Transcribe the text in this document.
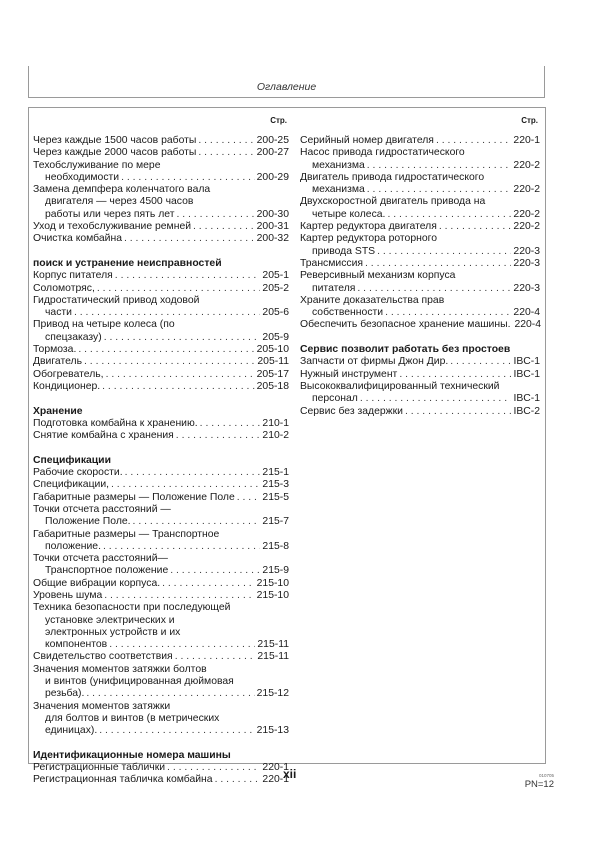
Оглавление
Стр.
Через каждые 1500 часов работы . . .	200-25
Через каждые 2000 часов работы . . .	200-27
Техобслуживание по мере
необходимости . . .	200-29
Замена демпфера коленчатого вала
двигателя — через 4500 часов
работы или через пять лет . . .	200-30
Уход и техобслуживание ремней . . .	200-31
Очистка комбайна . . .	200-32
поиск и устранение неисправностей
Корпус питателя . . .	205-1
Соломотряс, . . .	205-2
Гидростатический привод ходовой
части . . .	205-6
Привод на четыре колеса (по
спецзаказу) . . .	205-9
Тормоза. . . .	205-10
Двигатель . . .	205-11
Обогреватель, . . .	205-17
Кондиционер. . . .	205-18
Хранение
Подготовка комбайна к хранению. . . .	210-1
Снятие комбайна с хранения . . .	210-2
Спецификации
Рабочие скорости. . . .	215-1
Спецификации, . . .	215-3
Габаритные размеры — Положение Поле . . .	215-5
Точки отсчета расстояний —
Положение Поле. . . .	215-7
Габаритные размеры — Транспортное
положение. . . .	215-8
Точки отсчета расстояний—
Транспортное положение . . .	215-9
Общие вибрации корпуса. . . .	215-10
Уровень шума . . .	215-10
Техника безопасности при последующей
установке электрических и
электронных устройств и их
компонентов . . .	215-11
Свидетельство соответствия . . .	215-11
Значения моментов затяжки болтов
и винтов (унифицированная дюймовая
резьба). . . .	215-12
Значения моментов затяжки
для болтов и винтов (в метрических
единицах). . . .	215-13
Идентификационные номера машины
Регистрационные таблички . . .	220-1
Регистрационная табличка комбайна . . .	220-1
Стр.
Серийный номер двигателя . . .	220-1
Насос привода гидростатического
механизма . . .	220-2
Двигатель привода гидростатического
механизма . . .	220-2
Двухскоростной двигатель привода на
четыре колеса. . . .	220-2
Картер редуктора двигателя . . .	220-2
Картер редуктора роторного
привода STS . . .	220-3
Трансмиссия . . .	220-3
Реверсивный механизм корпуса
питателя . . .	220-3
Храните доказательства прав
собственности . . .	220-4
Обеспечить безопасное хранение машины. . . . 220-4
Сервис позволит работать без простоев
Запчасти от фирмы Джон Дир. . . .	IBC-1
Нужный инструмент . . .	IBC-1
Высококвалифицированный технический
персонал . . .	IBC-1
Сервис без задержки . . .	IBC-2
xii	010705
PN=12
